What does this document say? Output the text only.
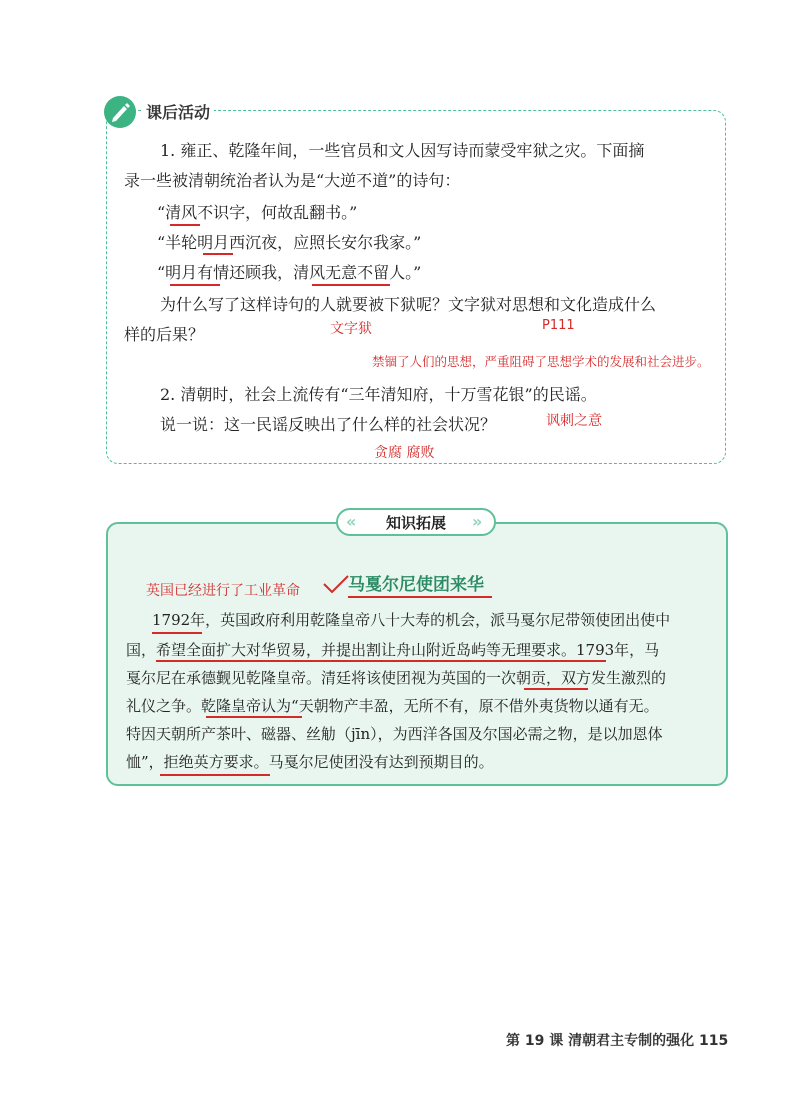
课后活动
1. 雍正、乾隆年间，一些官员和文人因写诗而蒙受牢狱之灾。下面摘
录一些被清朝统治者认为是“大逆不道”的诗句：
“清风不识字，何故乱翻书。”
“半轮明月西沉夜，应照长安尔我家。”
“明月有情还顾我，清风无意不留人。”
为什么写了这样诗句的人就要被下狱呢？文字狱对思想和文化造成什么
样的后果？	文字狱	P111
禁锢了人们的思想，严重阻碍了思想学术的发展和社会进步。
2. 清朝时，社会上流传有“三年清知府，十万雪花银”的民谣。
说一说：这一民谣反映出了什么样的社会状况？	讽刺之意
贪腐 腐败
« 知识拓展 »
英国已经进行了工业革命	马戛尔尼使团来华
1792年，英国政府利用乾隆皇帝八十大寿的机会，派马戛尔尼带领使团出使中
国，希望全面扩大对华贸易，并提出割让舟山附近岛屿等无理要求。1793年，马
戛尔尼在承德觐见乾隆皇帝。清廷将该使团视为英国的一次朝贡，双方发生激烈的
礼仪之争。乾隆皇帝认为“天朝物产丰盈，无所不有，原不借外夷货物以通有无。
特因天朝所产茶叶、磁器、丝觔（jīn），为西洋各国及尔国必需之物，是以加恩体
恤”，拒绝英方要求。马戛尔尼使团没有达到预期目的。
第 19 课 清朝君主专制的强化 115
